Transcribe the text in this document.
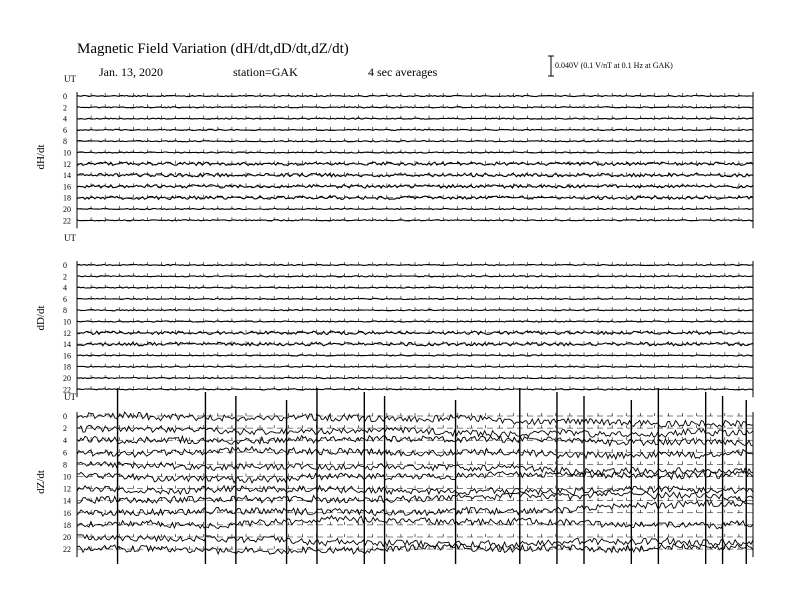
Magnetic Field Variation (dH/dt,dD/dt,dZ/dt)
Jan. 13, 2020	station=GAK	4 sec averages	0.040V (0.1 V/nT at 0.1 Hz at GAK)
UT
dH/dt
0
2
4
6
8
10
12
14
16
18
20
22
UT
dD/dt
0
2
4
6
8
10
12
14
16
18
20
22
UT
dZ/dt
0
2
4
6
8
10
12
14
16
18
20
22
